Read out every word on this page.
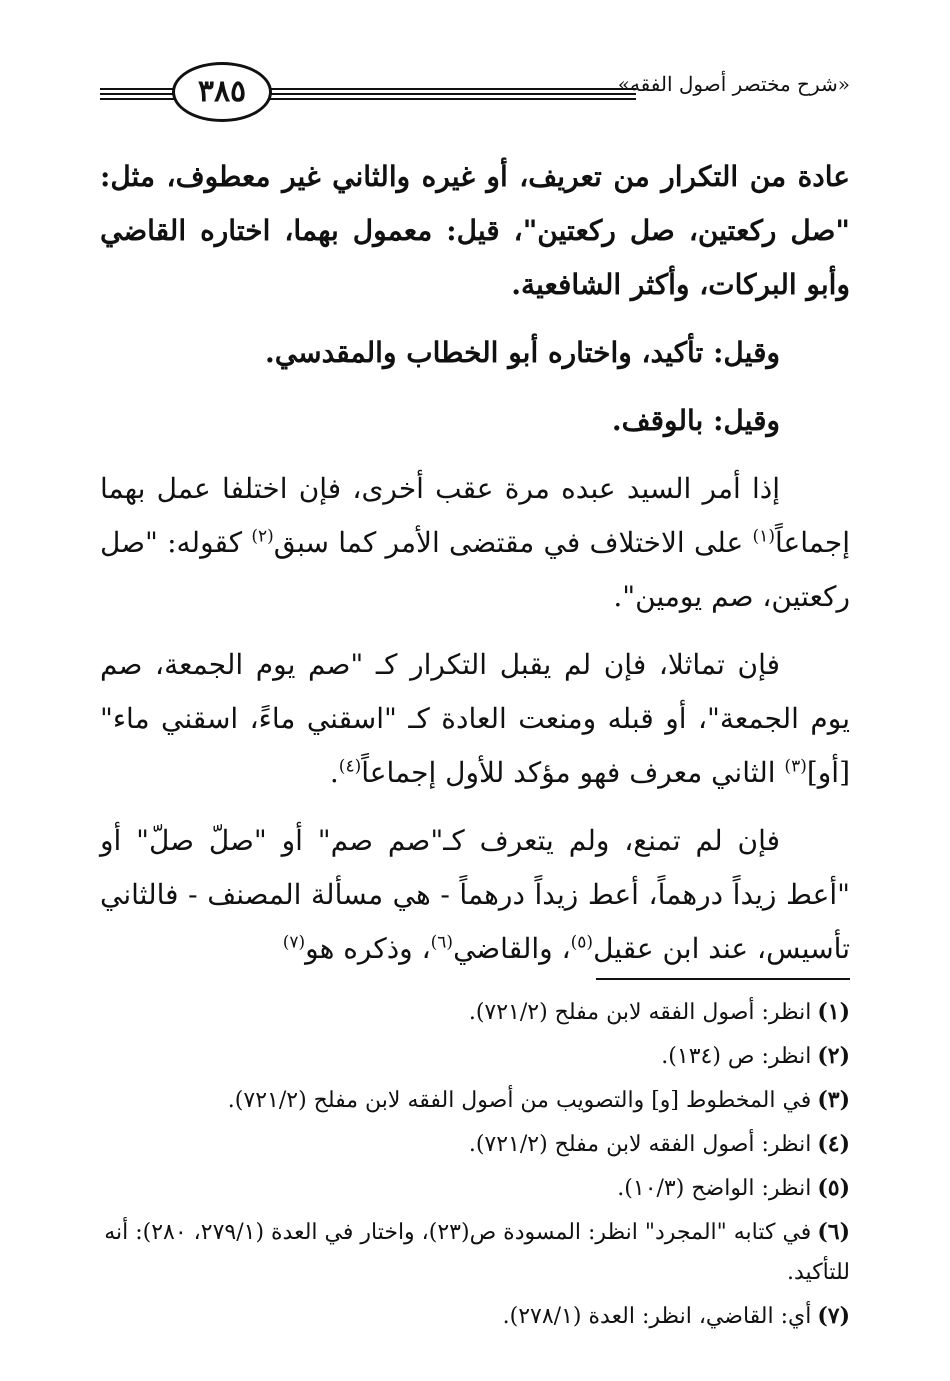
٣٨٥	«شرح مختصر أصول الفقه»

عادة من التكرار من تعريف، أو غيره والثاني غير معطوف، مثل: "صل ركعتين، صل ركعتين"، قيل: معمول بهما، اختاره القاضي وأبو البركات، وأكثر الشافعية.

وقيل: تأكيد، واختاره أبو الخطاب والمقدسي.

وقيل: بالوقف.

إذا أمر السيد عبده مرة عقب أخرى، فإن اختلفا عمل بهما إجماعاً$^{(١)}$ على الاختلاف في مقتضى الأمر كما سبق$^{(٢)}$ كقوله: "صل ركعتين، صم يومين".

فإن تماثلا، فإن لم يقبل التكرار كـ "صم يوم الجمعة، صم يوم الجمعة"، أو قبله ومنعت العادة كـ "اسقني ماءً، اسقني ماء" [أو]$^{(٣)}$ الثاني معرف فهو مؤكد للأول إجماعاً$^{(٤)}$.

فإن لم تمنع، ولم يتعرف كـ"صم صم" أو "صلّ صلّ" أو "أعط زيداً درهماً، أعط زيداً درهماً - هي مسألة المصنف - فالثاني تأسيس، عند ابن عقيل$^{(٥)}$، والقاضي$^{(٦)}$، وذكره هو$^{(٧)}$

(١)انظر: أصول الفقه لابن مفلح (٧٢١/٢).

(٢)انظر: ص (١٣٤).

(٣)في المخطوط [و] والتصويب من أصول الفقه لابن مفلح (٧٢١/٢).

(٤)انظر: أصول الفقه لابن مفلح (٧٢١/٢).

(٥)انظر: الواضح (١٠/٣).

(٦)في كتابه "المجرد" انظر: المسودة ص(٢٣)، واختار في العدة (٢٧٩/١، ٢٨٠): أنه للتأكيد.

(٧)أي: القاضي، انظر: العدة (٢٧٨/١).
